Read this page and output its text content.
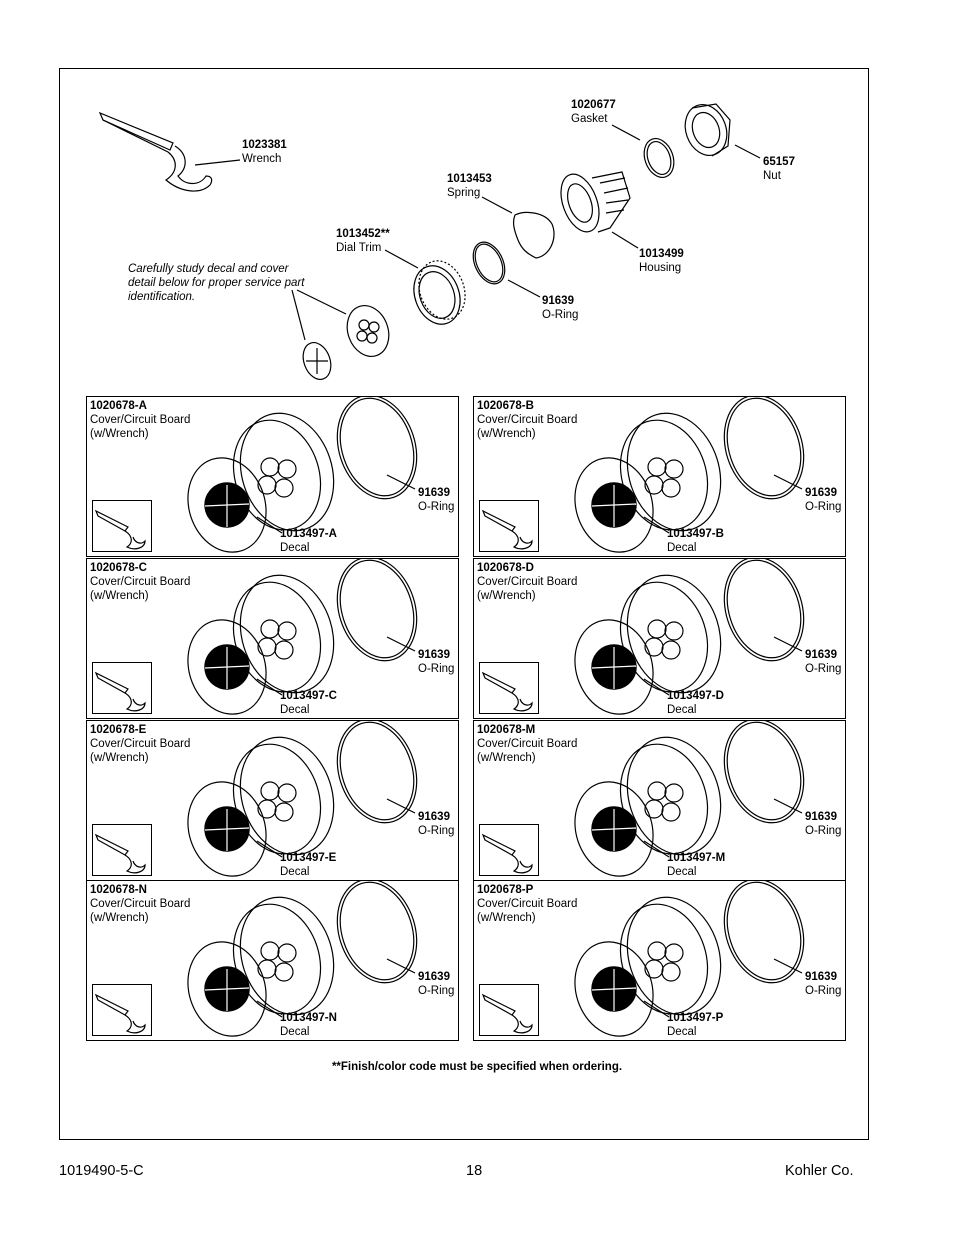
1023381
Wrench
1020677
Gasket
65157
Nut
1013453
Spring
1013452**
Dial Trim	1013499
Housing
91639
O-Ring
Carefully study decal and cover detail below for proper service part identification.
1020678-A
Cover/Circuit Board
(w/Wrench)
1013497-A
Decal
91639
O-Ring
1020678-B
Cover/Circuit Board
(w/Wrench)
1013497-B
Decal
91639
O-Ring
1020678-C
Cover/Circuit Board
(w/Wrench)
1013497-C
Decal
91639
O-Ring
1020678-D
Cover/Circuit Board
(w/Wrench)
1013497-D
Decal
91639
O-Ring
1020678-E
Cover/Circuit Board
(w/Wrench)
1013497-E
Decal
91639
O-Ring
1020678-M
Cover/Circuit Board
(w/Wrench)
1013497-M
Decal
91639
O-Ring
1020678-N
Cover/Circuit Board
(w/Wrench)
1013497-N
Decal
91639
O-Ring
1020678-P
Cover/Circuit Board
(w/Wrench)
1013497-P
Decal
91639
O-Ring
**Finish/color code must be specified when ordering.
1019490-5-C	18	Kohler Co.
